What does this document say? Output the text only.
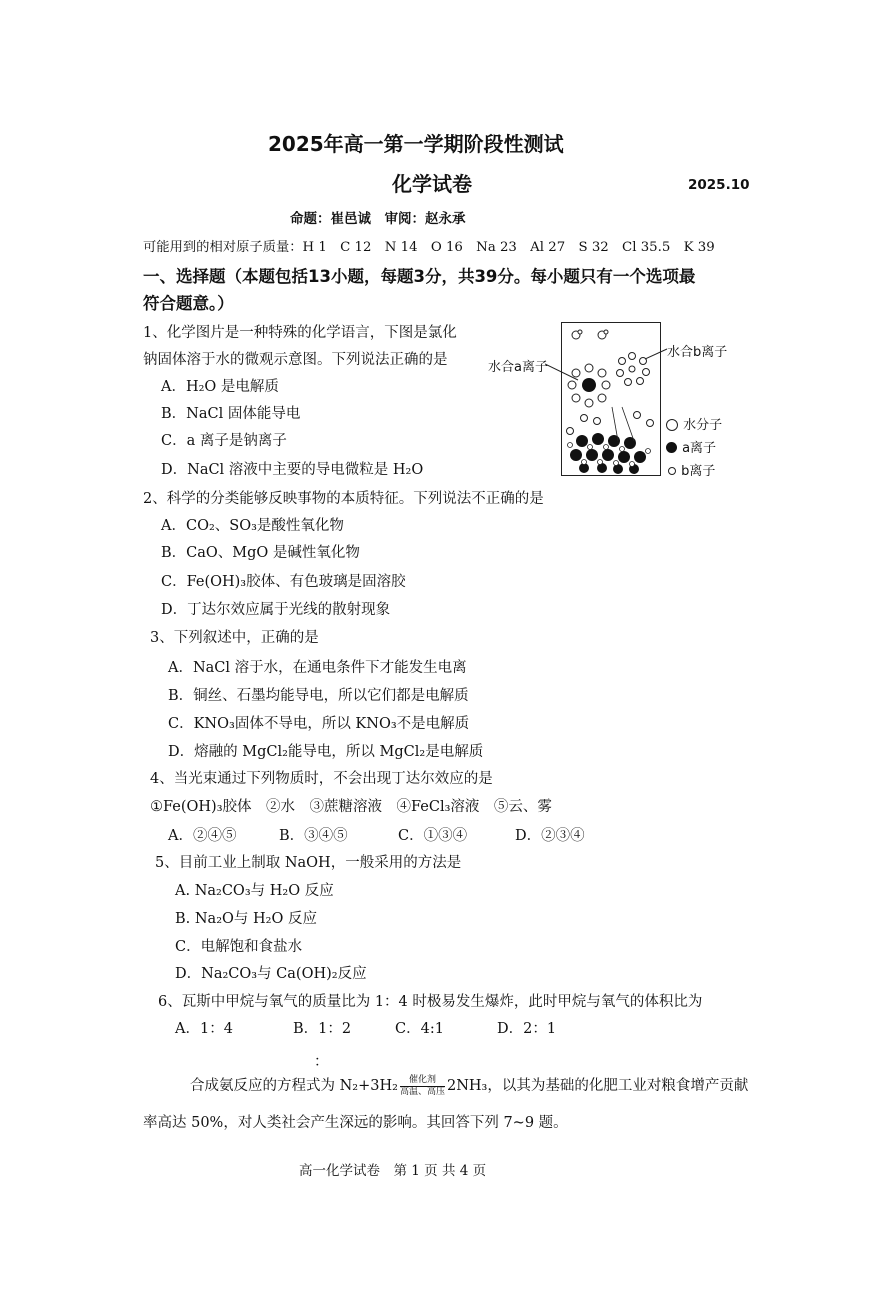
2025年高一第一学期阶段性测试
化学试卷	2025.10
命题：崔邑诚　审阅：赵永承
可能用到的相对原子质量：H 1　C 12　N 14　O 16　Na 23　Al 27　S 32　Cl 35.5　K 39
一、选择题（本题包括13小题，每题3分，共39分。每小题只有一个选项最
符合题意。）
1、化学图片是一种特殊的化学语言，下图是氯化
钠固体溶于水的微观示意图。下列说法正确的是
A．H₂O 是电解质
B．NaCl 固体能导电
C．a 离子是钠离子
D．NaCl 溶液中主要的导电微粒是 H₂O
水合a离子
水合b离子
水分子
a离子
b离子
2、科学的分类能够反映事物的本质特征。下列说法不正确的是
A．CO₂、SO₃是酸性氧化物
B．CaO、MgO 是碱性氧化物
C．Fe(OH)₃胶体、有色玻璃是固溶胶
D．丁达尔效应属于光线的散射现象
3、下列叙述中，正确的是
A．NaCl 溶于水，在通电条件下才能发生电离
B．铜丝、石墨均能导电，所以它们都是电解质
C．KNO₃固体不导电，所以 KNO₃不是电解质
D．熔融的 MgCl₂能导电，所以 MgCl₂是电解质
4、当光束通过下列物质时，不会出现丁达尔效应的是
①Fe(OH)₃胶体　②水　③蔗糖溶液　④FeCl₃溶液　⑤云、雾
A．②④⑤	B．③④⑤	C．①③④	D．②③④
5、目前工业上制取 NaOH，一般采用的方法是
A. Na₂CO₃与 H₂O 反应
B. Na₂O与 H₂O 反应
C．电解饱和食盐水
D．Na₂CO₃与 Ca(OH)₂反应
6、瓦斯中甲烷与氧气的质量比为 1：4 时极易发生爆炸，此时甲烷与氧气的体积比为
A．1：4	B．1：2	C．4:1	D．2：1
：
合成氨反应的方程式为 $N_2+3H_2 \frac{\text{催化剂}}{\text{高温、高压}} 2NH_3$，以其为基础的化肥工业对粮食增产贡献
率高达 50%，对人类社会产生深远的影响。其回答下列 7~9 题。
高一化学试卷　第 1 页 共 4 页
